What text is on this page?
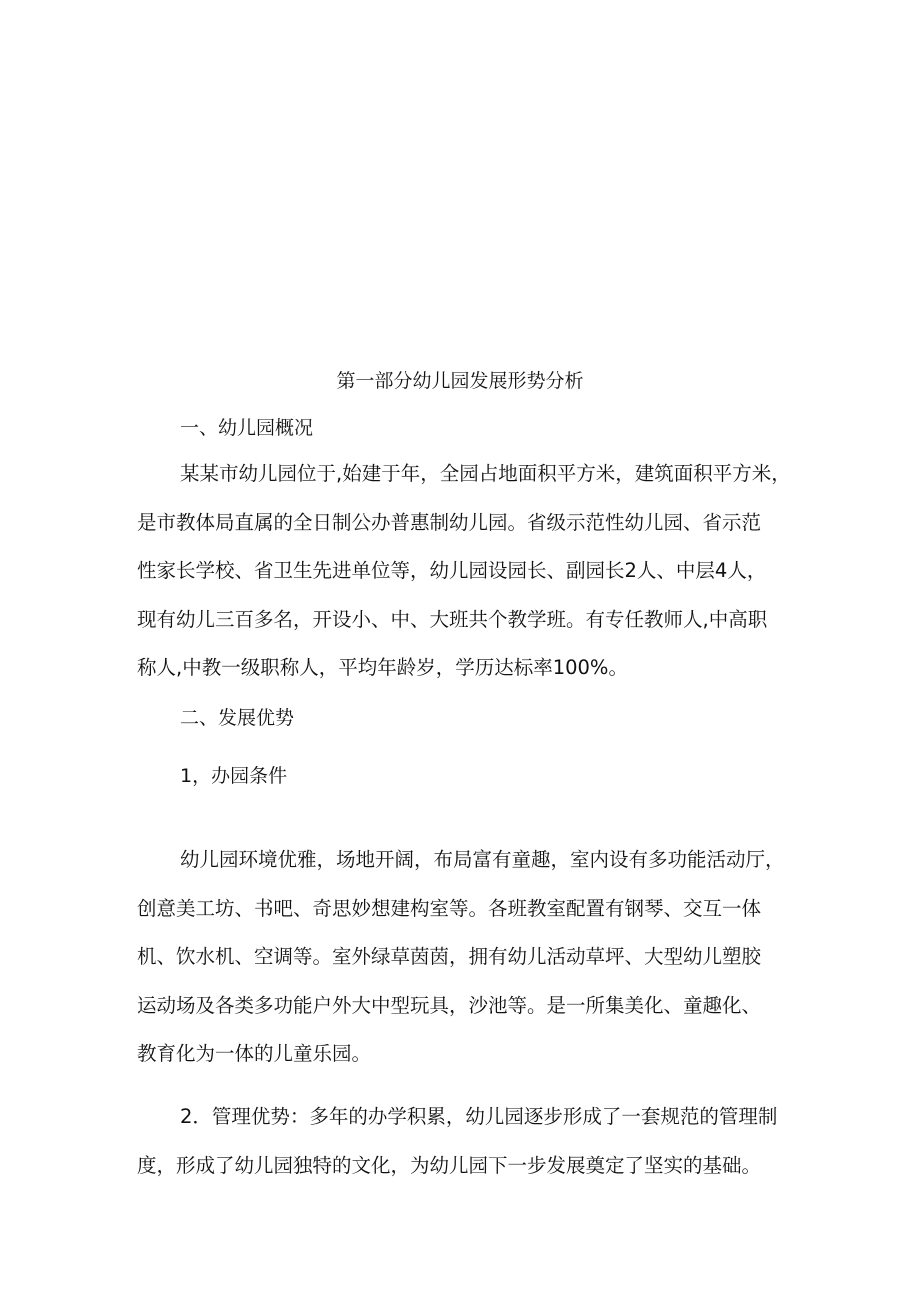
第一部分幼儿园发展形势分析
一、幼儿园概况
某某市幼儿园位于,始建于年，全园占地面积平方米，建筑面积平方米，
是市教体局直属的全日制公办普惠制幼儿园。省级示范性幼儿园、省示范
性家长学校、省卫生先进单位等，幼儿园设园长、副园长2人、中层4人，
现有幼儿三百多名，开设小、中、大班共个教学班。有专任教师人,中高职
称人,中教一级职称人，平均年龄岁，学历达标率100%。
二、发展优势
1，办园条件
幼儿园环境优雅，场地开阔，布局富有童趣，室内设有多功能活动厅，
创意美工坊、书吧、奇思妙想建构室等。各班教室配置有钢琴、交互一体
机、饮水机、空调等。室外绿草茵茵，拥有幼儿活动草坪、大型幼儿塑胶
运动场及各类多功能户外大中型玩具，沙池等。是一所集美化、童趣化、
教育化为一体的儿童乐园。
2．管理优势：多年的办学积累，幼儿园逐步形成了一套规范的管理制
度，形成了幼儿园独特的文化，为幼儿园下一步发展奠定了坚实的基础。
